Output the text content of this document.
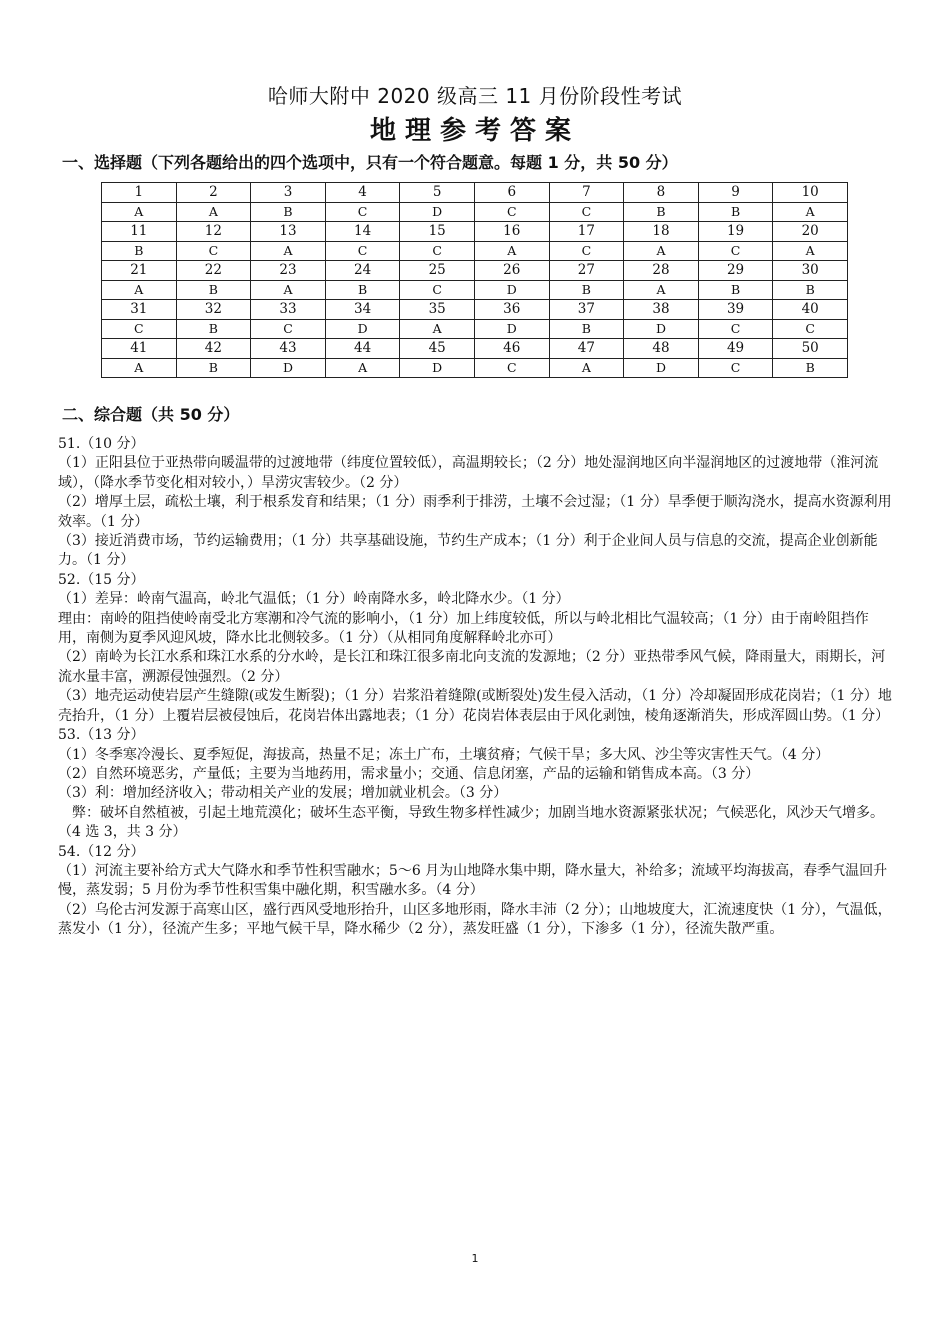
哈师大附中 2020 级高三 11 月份阶段性考试
地理参考答案
一、选择题（下列各题给出的四个选项中，只有一个符合题意。每题 1 分，共 50 分）
1	2	3	4	5	6	7	8	9	10
A	A	B	C	D	C	C	B	B	A
11	12	13	14	15	16	17	18	19	20
B	C	A	C	C	A	C	A	C	A
21	22	23	24	25	26	27	28	29	30
A	B	A	B	C	D	B	A	B	B
31	32	33	34	35	36	37	38	39	40
C	B	C	D	A	D	B	D	C	C
41	42	43	44	45	46	47	48	49	50
A	B	D	A	D	C	A	D	C	B
二、综合题（共 50 分）

51.（10 分）

（1）正阳县位于亚热带向暖温带的过渡地带（纬度位置较低），高温期较长；（2 分）地处湿润地区向半湿润地区的过渡地带（淮河流域），（降水季节变化相对较小，）旱涝灾害较少。（2 分）

（2）增厚土层，疏松土壤，利于根系发育和结果；（1 分）雨季利于排涝，土壤不会过湿；（1 分）旱季便于顺沟浇水，提高水资源利用效率。（1 分）

（3）接近消费市场，节约运输费用；（1 分）共享基础设施，节约生产成本；（1 分）利于企业间人员与信息的交流，提高企业创新能力。（1 分）

52.（15 分）

（1）差异：岭南气温高，岭北气温低；（1 分）岭南降水多，岭北降水少。（1 分）

理由：南岭的阻挡使岭南受北方寒潮和冷气流的影响小，（1 分）加上纬度较低，所以与岭北相比气温较高；（1 分）由于南岭阻挡作用，南侧为夏季风迎风坡，降水比北侧较多。（1 分）（从相同角度解释岭北亦可）

（2）南岭为长江水系和珠江水系的分水岭，是长江和珠江很多南北向支流的发源地；（2 分）亚热带季风气候，降雨量大，雨期长，河流水量丰富，溯源侵蚀强烈。（2 分）

（3）地壳运动使岩层产生缝隙(或发生断裂)；（1 分）岩浆沿着缝隙(或断裂处)发生侵入活动，（1 分）冷却凝固形成花岗岩；（1 分）地壳抬升，（1 分）上覆岩层被侵蚀后，花岗岩体出露地表；（1 分）花岗岩体表层由于风化剥蚀，棱角逐渐消失，形成浑圆山势。（1 分）

53.（13 分）

（1）冬季寒冷漫长、夏季短促，海拔高，热量不足；冻土广布，土壤贫瘠；气候干旱；多大风、沙尘等灾害性天气。（4 分）

（2）自然环境恶劣，产量低；主要为当地药用，需求量小；交通、信息闭塞，产品的运输和销售成本高。（3 分）

（3）利：增加经济收入；带动相关产业的发展；增加就业机会。（3 分）

　弊：破坏自然植被，引起土地荒漠化；破坏生态平衡，导致生物多样性减少；加剧当地水资源紧张状况；气候恶化，风沙天气增多。（4 选 3，共 3 分）

54.（12 分）

（1）河流主要补给方式大气降水和季节性积雪融水；5～6 月为山地降水集中期，降水量大，补给多；流域平均海拔高，春季气温回升慢，蒸发弱；5 月份为季节性积雪集中融化期，积雪融水多。（4 分）

（2）乌伦古河发源于高寒山区，盛行西风受地形抬升，山区多地形雨，降水丰沛（2 分）；山地坡度大，汇流速度快（1 分），气温低，蒸发小（1 分），径流产生多；平地气候干旱，降水稀少（2 分），蒸发旺盛（1 分），下渗多（1 分），径流失散严重。

1
